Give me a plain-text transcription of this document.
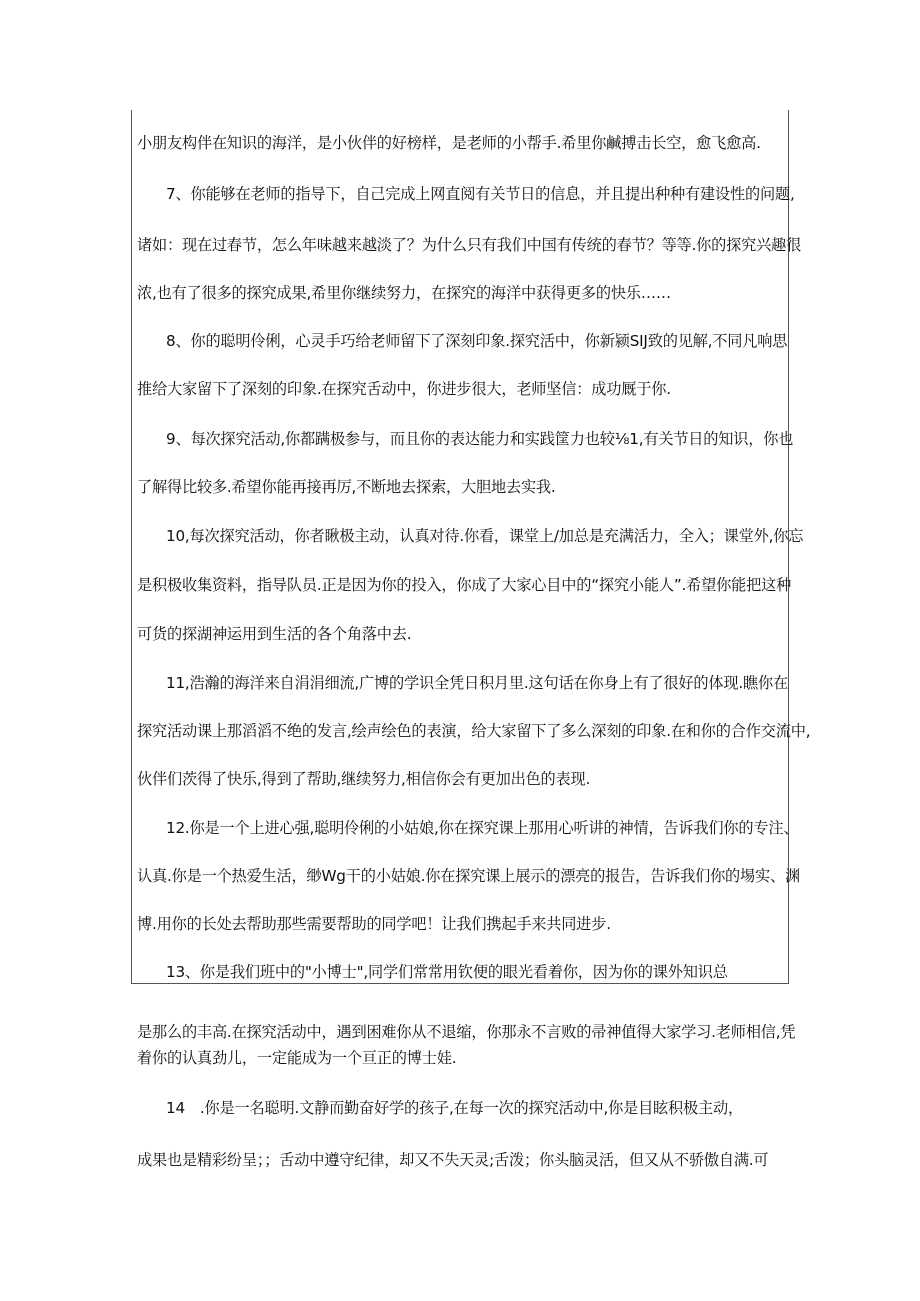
小朋友构伴在知识的海洋，是小伙伴的好榜样，是老师的小帮手.希里你鹹搏击长空，愈飞愈高.
7、你能够在老师的指导下，自己完成上网直阅有关节日的信息，并且提出种种有建设性的问题,
诸如：现在过春节，怎么年味越来越淡了？为什么只有我们中国有传统的春节？等等.你的探究兴趣很
浓,也有了很多的探究成果,希里你继续努力，在探究的海洋中获得更多的快乐……
8、你的聪明伶俐，心灵手巧给老师留下了深刻印象.探究活中，你新颍SIJ致的见解,不同凡响思
推给大家留下了深刻的印象.在探究舌动中，你进步很大，老师坚信：成功厩于你.
9、每次探究活动,你都蹒极参与，而且你的表达能力和实践筐力也较⅛1,有关节日的知识，你也
了解得比较多.希望你能再接再厉,不断地去探索，大胆地去实我.
10,每次探究活动，你者瞅极主动，认真对待.你看，课堂上/加总是充满活力，全入；课堂外,你忘
是积极收集资料，指导队员.正是因为你的投入，你成了大家心目中的“探究小能人”.希望你能把这种
可货的探湖神运用到生活的各个角落中去.
11,浩瀚的海洋来自涓涓细流,广博的学识全凭日积月里.这句话在你身上有了很好的体现.瞧你在
探究活动课上那滔滔不绝的发言,绘声绘色的表演，给大家留下了多么深刻的印象.在和你的合作交流中,
伙伴们茨得了快乐,得到了帮助,继续努力,相信你会有更加出色的表现.
12.你是一个上进心强,聪明伶俐的小姑娘,你在探究课上那用心听讲的神情，告诉我们你的专注、
认真.你是一个热爱生活，缈Wg干的小姑娘.你在探究课上展示的漂亮的报告，告诉我们你的埸实、渊
博.用你的长处去帮助那些需要帮助的同学吧！让我们携起手来共同进步.
13、你是我们班中的"小博士",同学们常常用钦便的眼光看着你，因为你的课外知识总
是那么的丰高.在探究活动中，遇到困难你从不退缩，你那永不言败的帚神值得大家学习.老师相信,凭
着你的认真劲儿，一定能成为一个亘正的博士娃.
14　.你是一名聪明.文静而勤奋好学的孩子,在每一次的探究活动中,你是目眩积极主动，
成果也是精彩纷呈；；舌动中遵守纪律，却又不失天灵;舌泼；你头脑灵活，但又从不骄傲自满.可
